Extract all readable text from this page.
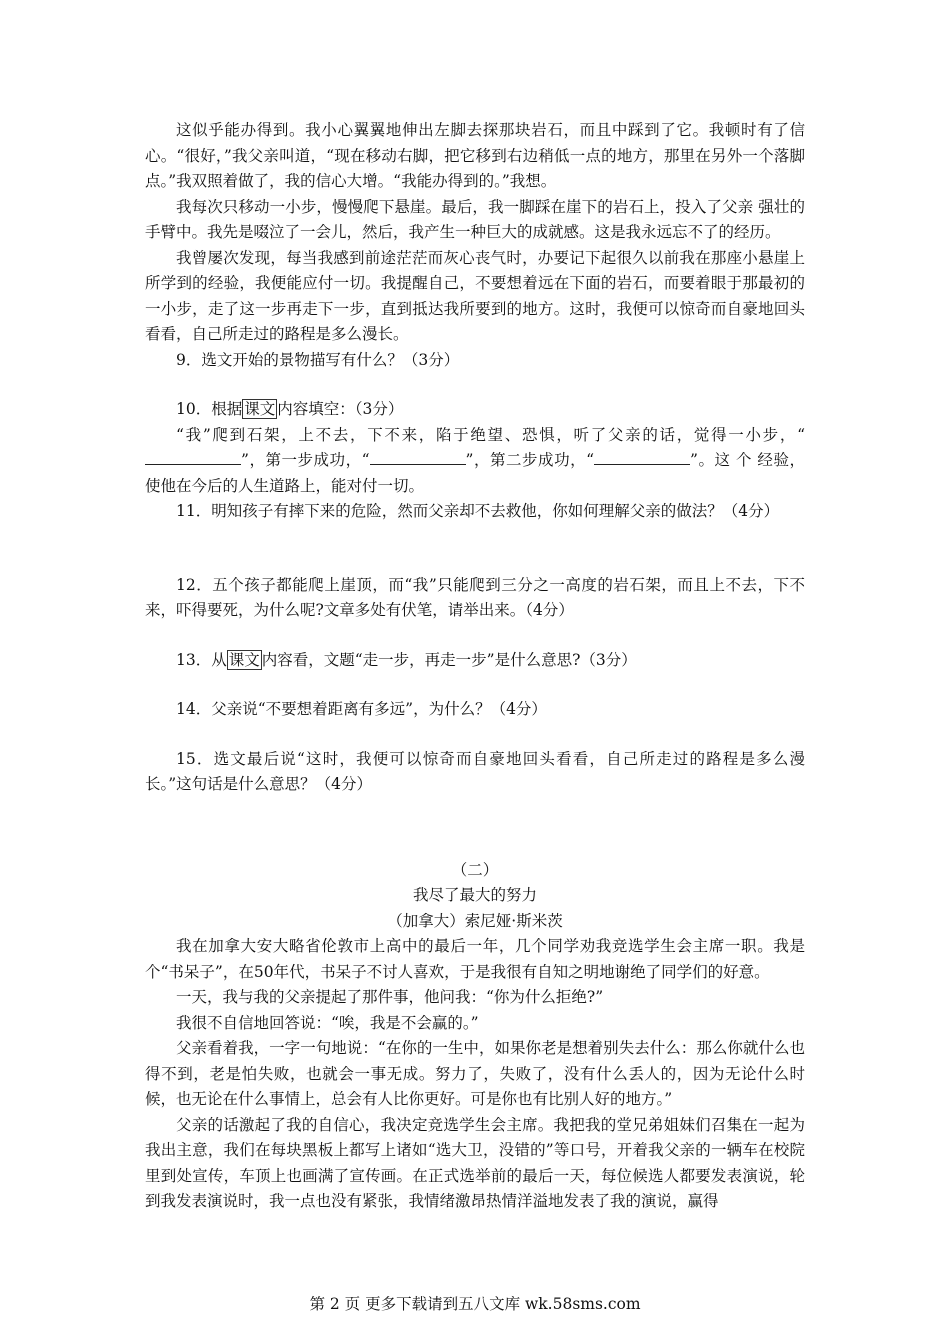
这似乎能办得到。我小心翼翼地伸出左脚去探那块岩石，而且中踩到了它。我顿时有了信心。“很好，”我父亲叫道，“现在移动右脚，把它移到右边稍低一点的地方，那里在另外一个落脚 点。”我双照着做了，我的信心大增。“我能办得到的。”我想。

我每次只移动一小步，慢慢爬下悬崖。最后，我一脚踩在崖下的岩石上，投入了父亲 强壮的手臂中。我先是啜泣了一会儿，然后，我产生一种巨大的成就感。这是我永远忘不了的经历。

我曾屡次发现，每当我感到前途茫茫而灰心丧气时，办要记下起很久以前我在那座小悬崖上所学到的经验，我便能应付一切。我提醒自己，不要想着远在下面的岩石，而要着眼于那最初的一小步，走了这一步再走下一步，直到抵达我所要到的地方。这时，我便可以惊奇而自豪地回头看看，自己所走过的路程是多么漫长。

9．选文开始的景物描写有什么？（3分）

10．根据 课文 内容填空：（3分）

“我”爬到石架，上不去，下不来，陷于绝望、恐惧，听了父亲的话，觉得一小步，“”，第一步成功，“	”，第二步成功，“	”。这 个 经验，使他在今后的人生道路上，能对付一切。

11．明知孩子有摔下来的危险，然而父亲却不去救他，你如何理解父亲的做法？（4分）

12．五个孩子都能爬上崖顶，而“我”只能爬到三分之一高度的岩石架，而且上不去，下不来，吓得要死，为什么呢?文章多处有伏笔，请举出来。（4分）

13．从 课文 内容看，文题“走一步，再走一步”是什么意思?（3分）

14．父亲说“不要想着距离有多远”，为什么？（4分）

15．选文最后说“这时，我便可以惊奇而自豪地回头看看，自己所走过的路程是多么漫长。”这句话是什么意思？（4分）

（二）

我尽了最大的努力

（加拿大）索尼娅·斯米茨

我在加拿大安大略省伦敦市上高中的最后一年，几个同学劝我竞选学生会主席一职。我是个“书呆子”，在50年代，书呆子不讨人喜欢，于是我很有自知之明地谢绝了同学们的好意。

一天，我与我的父亲提起了那件事，他问我：“你为什么拒绝?”

我很不自信地回答说：“唉，我是不会赢的。”

父亲看着我，一字一句地说：“在你的一生中，如果你老是想着别失去什么：那么你就什么也得不到，老是怕失败，也就会一事无成。努力了，失败了，没有什么丢人的，因为无论什么时候，也无论在什么事情上，总会有人比你更好。可是你也有比别人好的地方。”

父亲的话激起了我的自信心，我决定竞选学生会主席。我把我的堂兄弟姐妹们召集在一起为我出主意，我们在每块黑板上都写上诸如“选大卫，没错的”等口号，开着我父亲的一辆车在校院里到处宣传，车顶上也画满了宣传画。在正式选举前的最后一天，每位候选人都要发表演说，轮到我发表演说时，我一点也没有紧张，我情绪激昂热情洋溢地发表了我的演说，赢得

第 2 页 更多下载请到五八文库 wk.58sms.com
